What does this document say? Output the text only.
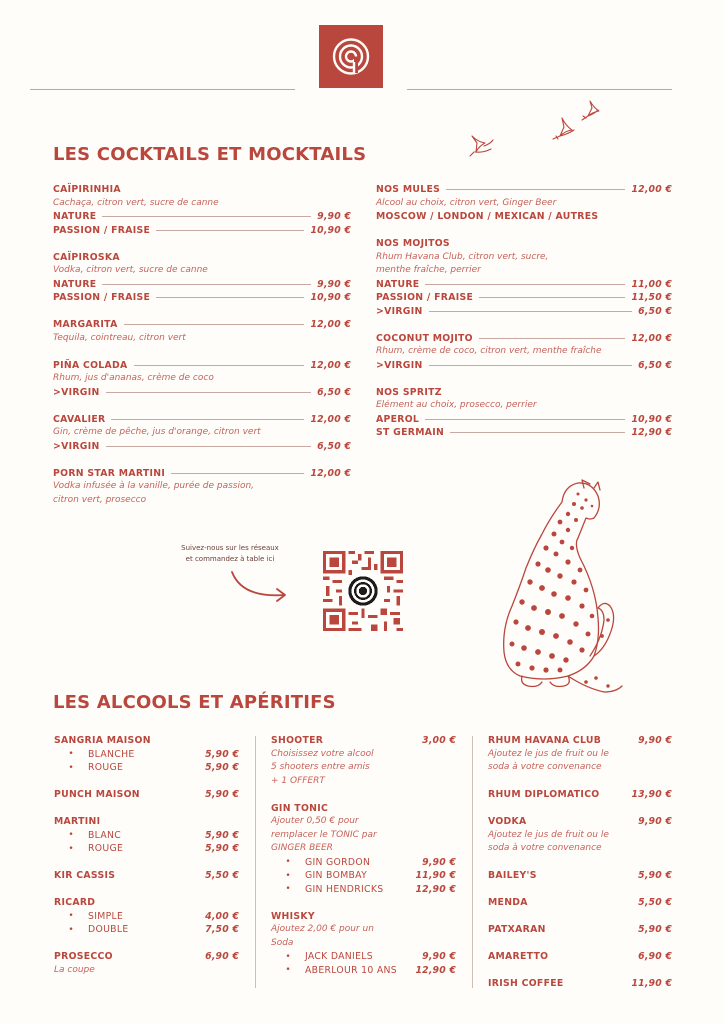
LES COCKTAILS ET MOCKTAILS
CAÏPIRINHIA
Cachaça, citron vert, sucre de canne
NATURE	9,90 €
PASSION / FRAISE	10,90 €
CAÏPIROSKA
Vodka, citron vert, sucre de canne
NATURE	9,90 €
PASSION / FRAISE	10,90 €
MARGARITA	12,00 €
Tequila, cointreau, citron vert
PIÑA COLADA	12,00 €
Rhum, jus d'ananas, crème de coco
>VIRGIN	6,50 €
CAVALIER	12,00 €
Gin, crème de pêche, jus d'orange, citron vert
>VIRGIN	6,50 €
PORN STAR MARTINI	12,00 €
Vodka infusée à la vanille, purée de passion, citron vert, prosecco
NOS MULES	12,00 €
Alcool au choix, citron vert, Ginger Beer
MOSCOW / LONDON / MEXICAN / AUTRES
NOS MOJITOS
Rhum Havana Club, citron vert, sucre, menthe fraîche, perrier
NATURE	11,00 €
PASSION / FRAISE	11,50 €
>VIRGIN	6,50 €
COCONUT MOJITO	12,00 €
Rhum, crème de coco, citron vert, menthe fraîche
>VIRGIN	6,50 €
NOS SPRITZ
Elément au choix, prosecco, perrier
APEROL	10,90 €
ST GERMAIN	12,90 €
Suivez-nous sur les réseaux
et commandez à table ici
LES ALCOOLS ET APÉRITIFS
SANGRIA MAISON
•	BLANCHE	5,90 €
•	ROUGE	5,90 €
PUNCH MAISON	5,90 €
MARTINI
•	BLANC	5,90 €
•	ROUGE	5,90 €
KIR CASSIS	5,50 €
RICARD
•	SIMPLE	4,00 €
•	DOUBLE	7,50 €
PROSECCO	6,90 €
La coupe
SHOOTER	3,00 €
Choisissez votre alcool
5 shooters entre amis
+ 1 OFFERT
GIN TONIC
Ajouter 0,50 € pour
remplacer le TONIC par
GINGER BEER
•	GIN GORDON	9,90 €
•	GIN BOMBAY	11,90 €
•	GIN HENDRICKS	12,90 €
WHISKY
Ajoutez 2,00 € pour un
Soda
•	JACK DANIELS	9,90 €
•	ABERLOUR 10 ANS 12,90 €
RHUM HAVANA CLUB	9,90 €
Ajoutez le jus de fruit ou le
soda à votre convenance
RHUM DIPLOMATICO	13,90 €
VODKA	9,90 €
Ajoutez le jus de fruit ou le
soda à votre convenance
BAILEY'S	5,90 €
MENDA	5,50 €
PATXARAN	5,90 €
AMARETTO	6,90 €
IRISH COFFEE	11,90 €
